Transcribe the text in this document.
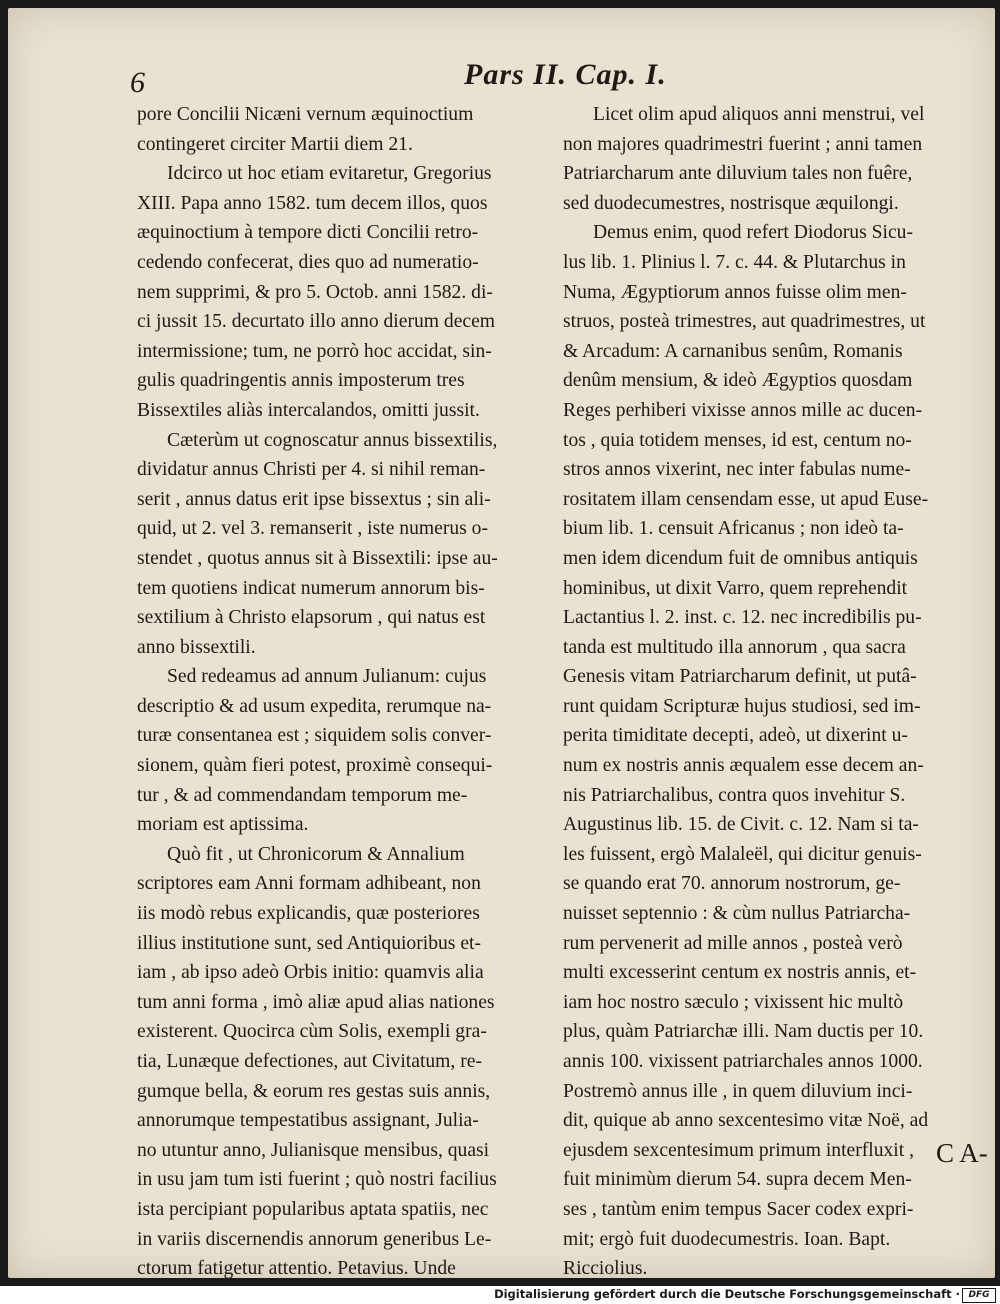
6	Pars II. Cap. I.
pore Concilii Nicæni vernum æquinoctium
contingeret circiter Martii diem 21.
Idcirco ut hoc etiam evitaretur, Gregorius
XIII. Papa anno 1582. tum decem illos, quos
æquinoctium à tempore dicti Concilii retro-
cedendo confecerat, dies quo ad numeratio-
nem supprimi, & pro 5. Octob. anni 1582. di-
ci jussit 15. decurtato illo anno dierum decem
intermissione; tum, ne porrò hoc accidat, sin-
gulis quadringentis annis imposterum tres
Bissextiles aliàs intercalandos, omitti jussit.
Cæterùm ut cognoscatur annus bissextilis,
dividatur annus Christi per 4. si nihil reman-
serit , annus datus erit ipse bissextus ; sin ali-
quid, ut 2. vel 3. remanserit , iste numerus o-
stendet , quotus annus sit à Bissextili: ipse au-
tem quotiens indicat numerum annorum bis-
sextilium à Christo elapsorum , qui natus est
anno bissextili.
Sed redeamus ad annum Julianum: cujus
descriptio & ad usum expedita, rerumque na-
turæ consentanea est ; siquidem solis conver-
sionem, quàm fieri potest, proximè consequi-
tur , & ad commendandam temporum me-
moriam est aptissima.
Quò fit , ut Chronicorum & Annalium
scriptores eam Anni formam adhibeant, non
iis modò rebus explicandis, quæ posteriores
illius institutione sunt, sed Antiquioribus et-
iam , ab ipso adeò Orbis initio: quamvis alia
tum anni forma , imò aliæ apud alias nationes
existerent. Quocirca cùm Solis, exempli gra-
tia, Lunæque defectiones, aut Civitatum, re-
gumque bella, & eorum res gestas suis annis,
annorumque tempestatibus assignant, Julia-
no utuntur anno, Julianisque mensibus, quasi
in usu jam tum isti fuerint ; quò nostri facilius
ista percipiant popularibus aptata spatiis, nec
in variis discernendis annorum generibus Le-
ctorum fatigetur attentio. Petavius. Unde
Licet olim apud aliquos anni menstrui, vel
non majores quadrimestri fuerint ; anni tamen
Patriarcharum ante diluvium tales non fuêre,
sed duodecumestres, nostrisque æquilongi.
Demus enim, quod refert Diodorus Sicu-
lus lib. 1. Plinius l. 7. c. 44. & Plutarchus in
Numa, Ægyptiorum annos fuisse olim men-
struos, posteà trimestres, aut quadrimestres, ut
& Arcadum: A carnanibus senûm, Romanis
denûm mensium, & ideò Ægyptios quosdam
Reges perhiberi vixisse annos mille ac ducen-
tos , quia totidem menses, id est, centum no-
stros annos vixerint, nec inter fabulas nume-
rositatem illam censendam esse, ut apud Euse-
bium lib. 1. censuit Africanus ; non ideò ta-
men idem dicendum fuit de omnibus antiquis
hominibus, ut dixit Varro, quem reprehendit
Lactantius l. 2. inst. c. 12. nec incredibilis pu-
tanda est multitudo illa annorum , qua sacra
Genesis vitam Patriarcharum definit, ut putâ-
runt quidam Scripturæ hujus studiosi, sed im-
perita timiditate decepti, adeò, ut dixerint u-
num ex nostris annis æqualem esse decem an-
nis Patriarchalibus, contra quos invehitur S.
Augustinus lib. 15. de Civit. c. 12. Nam si ta-
les fuissent, ergò Malaleël, qui dicitur genuis-
se quando erat 70. annorum nostrorum, ge-
nuisset septennio : & cùm nullus Patriarcha-
rum pervenerit ad mille annos , posteà verò
multi excesserint centum ex nostris annis, et-
iam hoc nostro sæculo ; vixissent hic multò
plus, quàm Patriarchæ illi. Nam ductis per 10.
annis 100. vixissent patriarchales annos 1000.
Postremò annus ille , in quem diluvium inci-
dit, quique ab anno sexcentesimo vitæ Noë, ad
ejusdem sexcentesimum primum interfluxit ,
fuit minimùm dierum 54. supra decem Men-
ses , tantùm enim tempus Sacer codex expri-
mit; ergò fuit duodecumestris. Ioan. Bapt.
Ricciolius.
C A-
Digitalisierung gefördert durch die Deutsche Forschungsgemeinschaft · DFG
